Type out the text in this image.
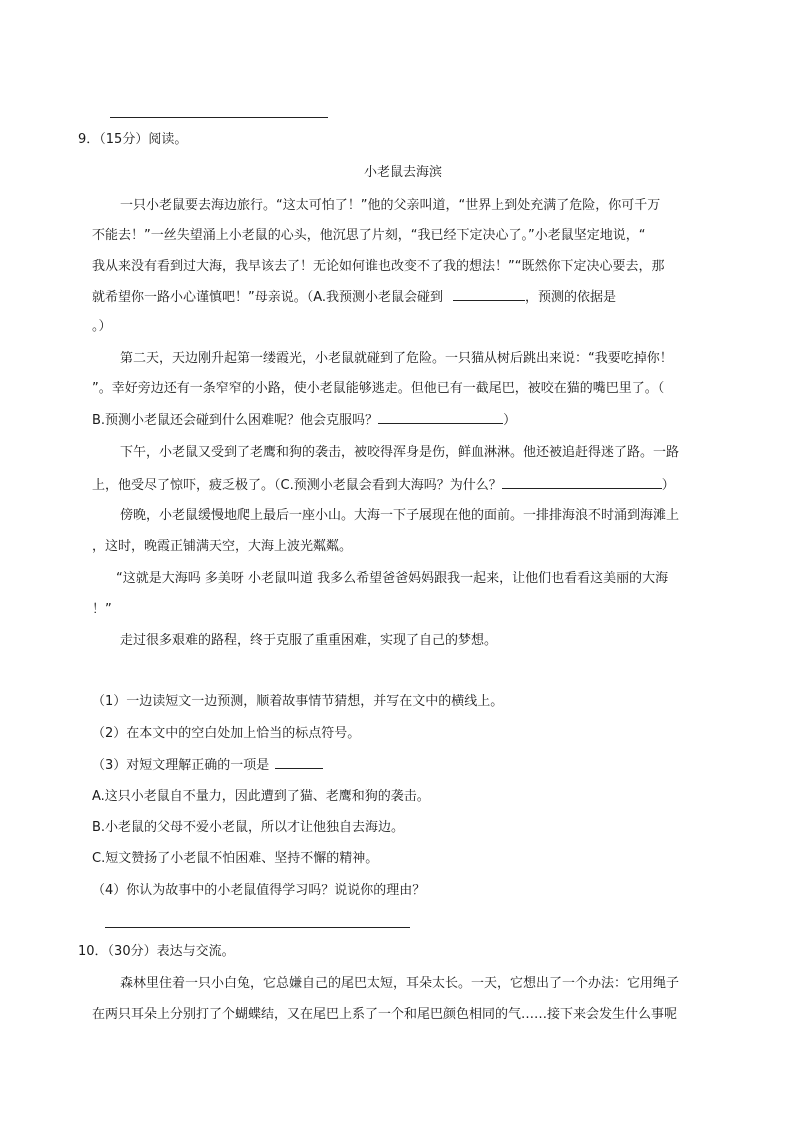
9．（15分）阅读。
小老鼠去海滨
一只小老鼠要去海边旅行。“这太可怕了！”他的父亲叫道，“世界上到处充满了危险，你可千万
不能去！”一丝失望涌上小老鼠的心头，他沉思了片刻，“我已经下定决心了。”小老鼠坚定地说，“
我从来没有看到过大海，我早该去了！无论如何谁也改变不了我的想法！”“既然你下定决心要去，那
就希望你一路小心谨慎吧！”母亲说。（A.我预测小老鼠会碰到	，预测的依据是
。）
第二天，天边刚升起第一缕霞光，小老鼠就碰到了危险。一只猫从树后跳出来说：“我要吃掉你！
”。幸好旁边还有一条窄窄的小路，使小老鼠能够逃走。但他已有一截尾巴，被咬在猫的嘴巴里了。（
B.预测小老鼠还会碰到什么困难呢？他会克服吗？	）
下午，小老鼠又受到了老鹰和狗的袭击，被咬得浑身是伤，鲜血淋淋。他还被追赶得迷了路。一路
上，他受尽了惊吓，疲乏极了。（C.预测小老鼠会看到大海吗？为什么？	）
傍晚，小老鼠缓慢地爬上最后一座小山。大海一下子展现在他的面前。一排排海浪不时涌到海滩上
，这时，晚霞正铺满天空，大海上波光粼粼。
“这就是大海吗 多美呀 小老鼠叫道 我多么希望爸爸妈妈跟我一起来，让他们也看看这美丽的大海
！”
走过很多艰难的路程，终于克服了重重困难，实现了自己的梦想。
（1）一边读短文一边预测，顺着故事情节猜想，并写在文中的横线上。
（2）在本文中的空白处加上恰当的标点符号。
（3）对短文理解正确的一项是
A.这只小老鼠自不量力，因此遭到了猫、老鹰和狗的袭击。
B.小老鼠的父母不爱小老鼠，所以才让他独自去海边。
C.短文赞扬了小老鼠不怕困难、坚持不懈的精神。
（4）你认为故事中的小老鼠值得学习吗？说说你的理由？
10．（30分）表达与交流。
森林里住着一只小白兔，它总嫌自己的尾巴太短，耳朵太长。一天，它想出了一个办法：它用绳子
在两只耳朵上分别打了个蝴蝶结，又在尾巴上系了一个和尾巴颜色相同的气……接下来会发生什么事呢
